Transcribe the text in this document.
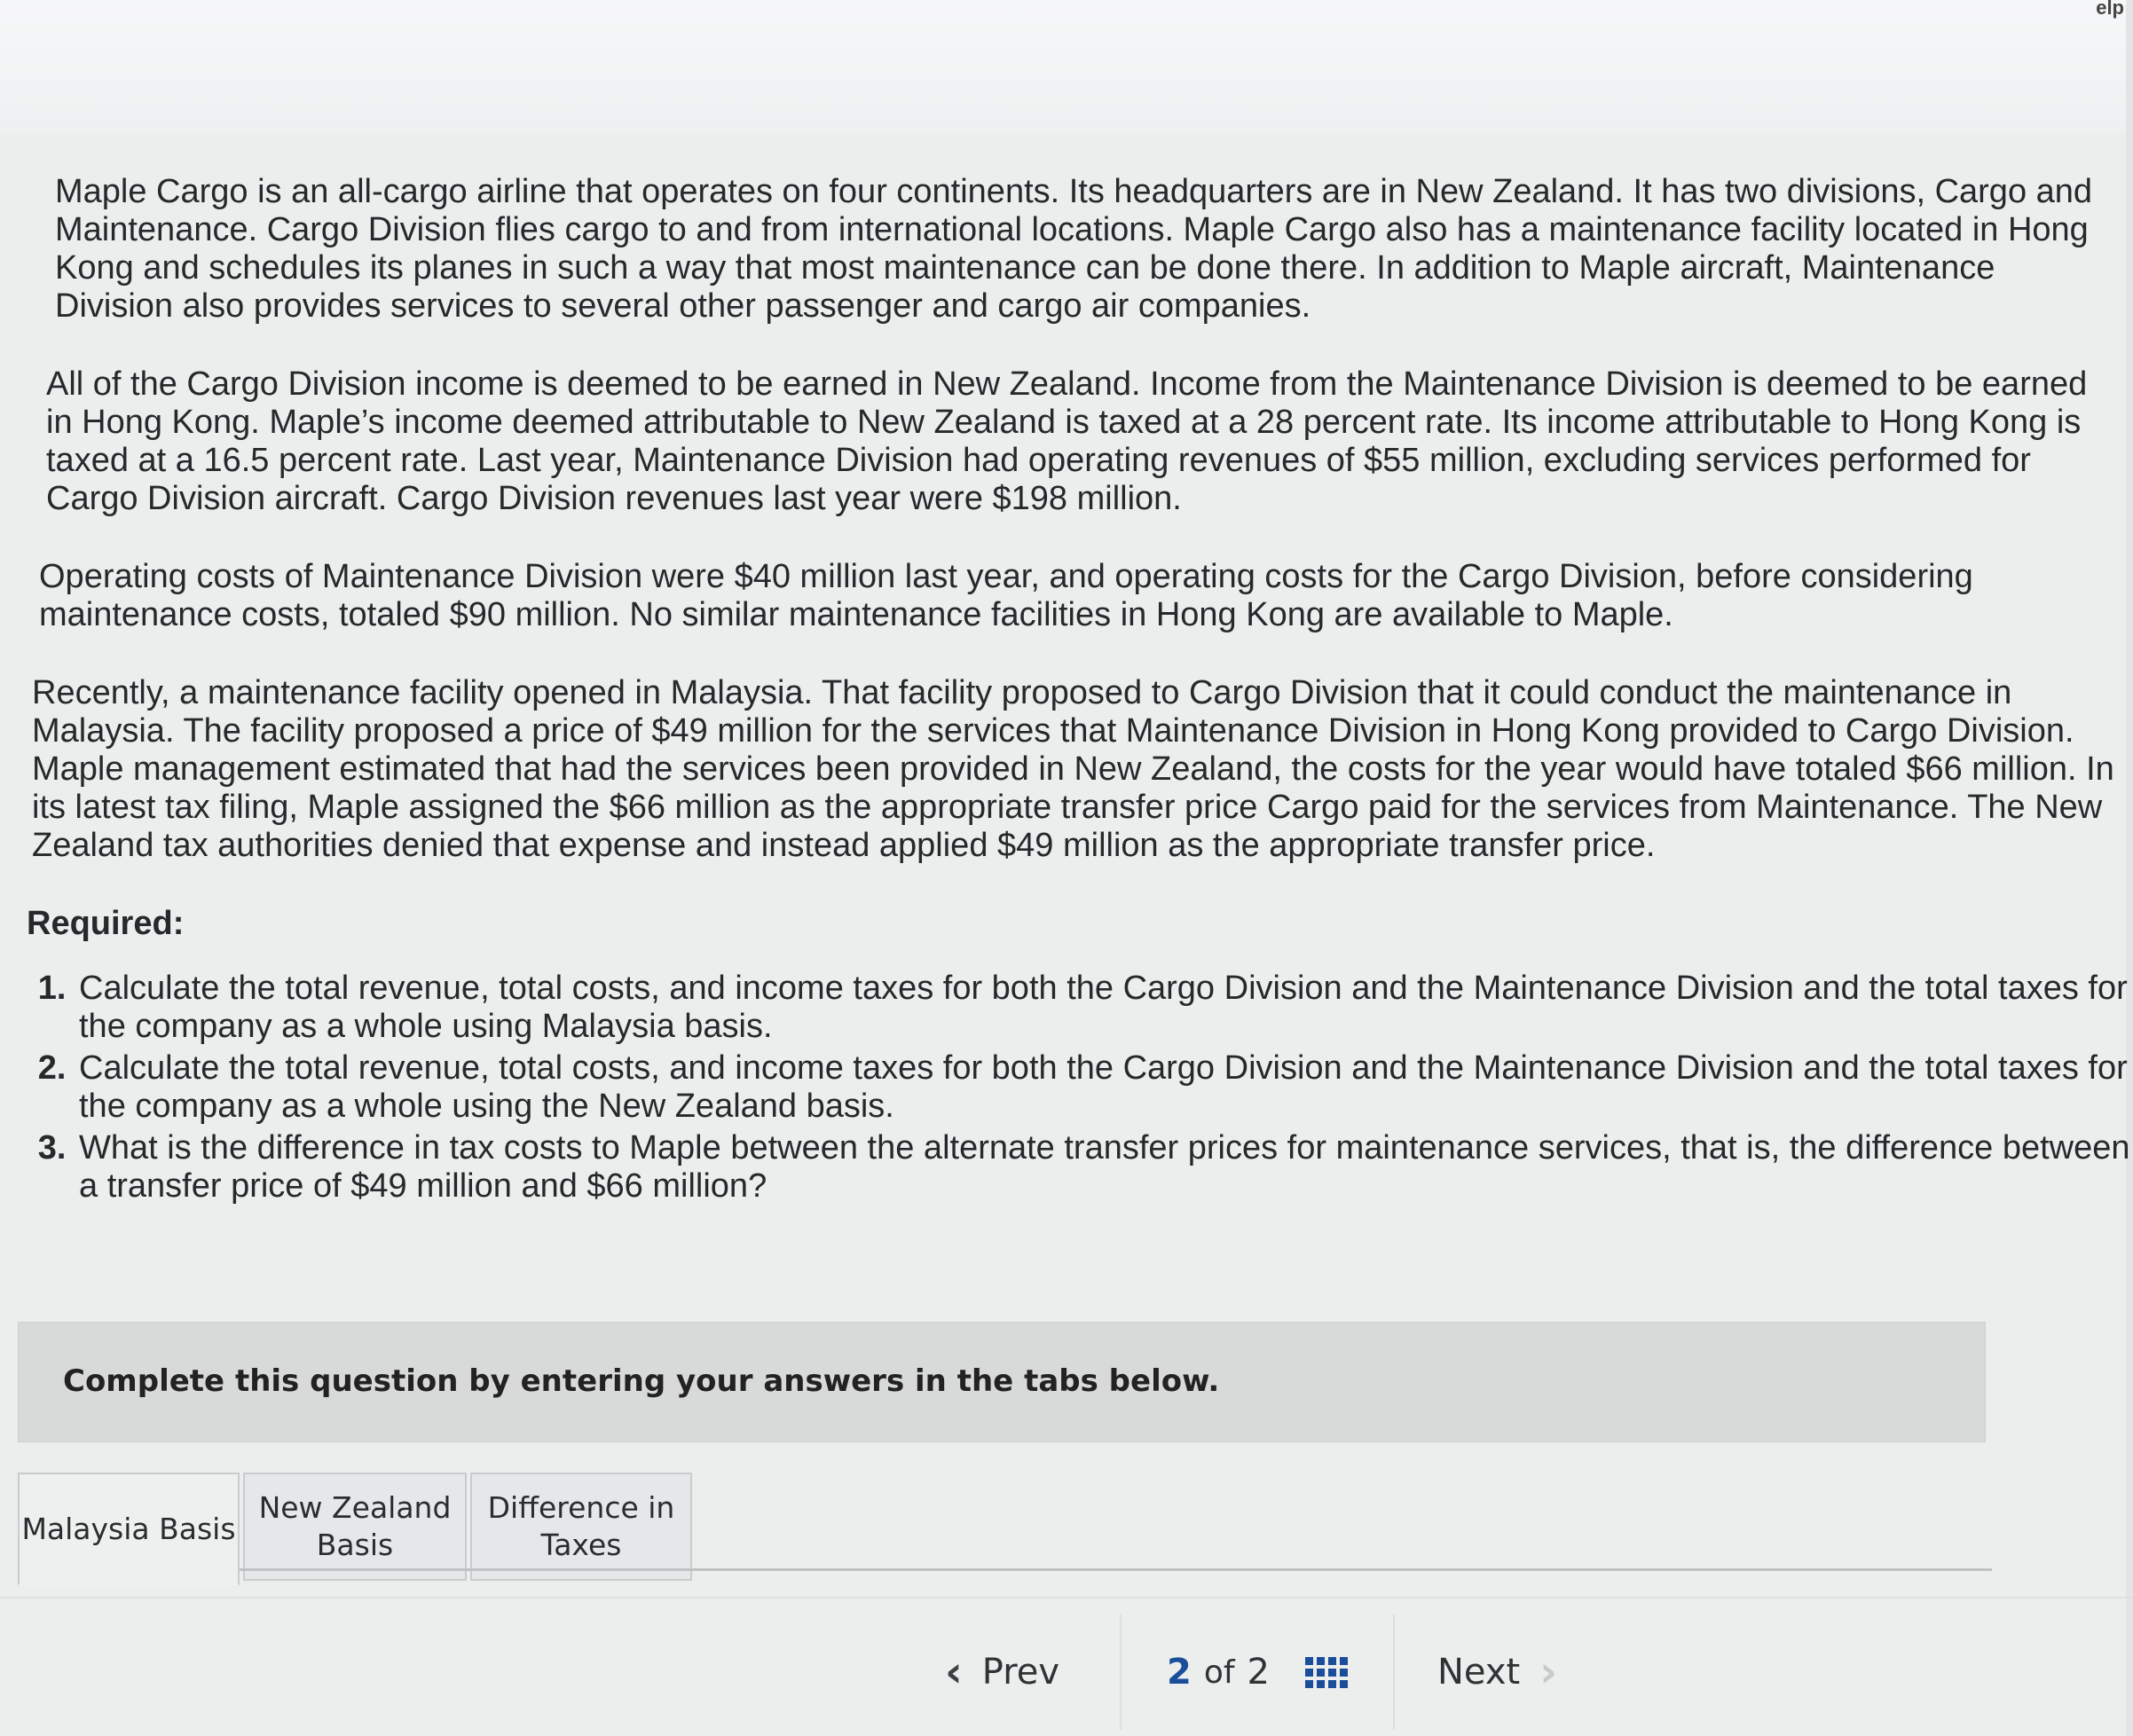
elp

Maple Cargo is an all-cargo airline that operates on four continents. Its headquarters are in New Zealand. It has two divisions, Cargo and Maintenance. Cargo Division flies cargo to and from international locations. Maple Cargo also has a maintenance facility located in Hong Kong and schedules its planes in such a way that most maintenance can be done there. In addition to Maple aircraft, Maintenance Division also provides services to several other passenger and cargo air companies.

All of the Cargo Division income is deemed to be earned in New Zealand. Income from the Maintenance Division is deemed to be earned in Hong Kong. Maple’s income deemed attributable to New Zealand is taxed at a 28 percent rate. Its income attributable to Hong Kong is taxed at a 16.5 percent rate. Last year, Maintenance Division had operating revenues of $55 million, excluding services performed for Cargo Division aircraft. Cargo Division revenues last year were $198 million.

Operating costs of Maintenance Division were $40 million last year, and operating costs for the Cargo Division, before considering maintenance costs, totaled $90 million. No similar maintenance facilities in Hong Kong are available to Maple.

Recently, a maintenance facility opened in Malaysia. That facility proposed to Cargo Division that it could conduct the maintenance in Malaysia. The facility proposed a price of $49 million for the services that Maintenance Division in Hong Kong provided to Cargo Division. Maple management estimated that had the services been provided in New Zealand, the costs for the year would have totaled $66 million. In its latest tax filing, Maple assigned the $66 million as the appropriate transfer price Cargo paid for the services from Maintenance. The New Zealand tax authorities denied that expense and instead applied $49 million as the appropriate transfer price.

Required:
1. Calculate the total revenue, total costs, and income taxes for both the Cargo Division and the Maintenance Division and the total taxes for the company as a whole using Malaysia basis.
2. Calculate the total revenue, total costs, and income taxes for both the Cargo Division and the Maintenance Division and the total taxes for the company as a whole using the New Zealand basis.
3. What is the difference in tax costs to Maple between the alternate transfer prices for maintenance services, that is, the difference between a transfer price of $49 million and $66 million?
Complete this question by entering your answers in the tabs below.
Malaysia Basis
New Zealand
Basis
Difference in
Taxes
‹ Prev	2 of 2	Next ›
